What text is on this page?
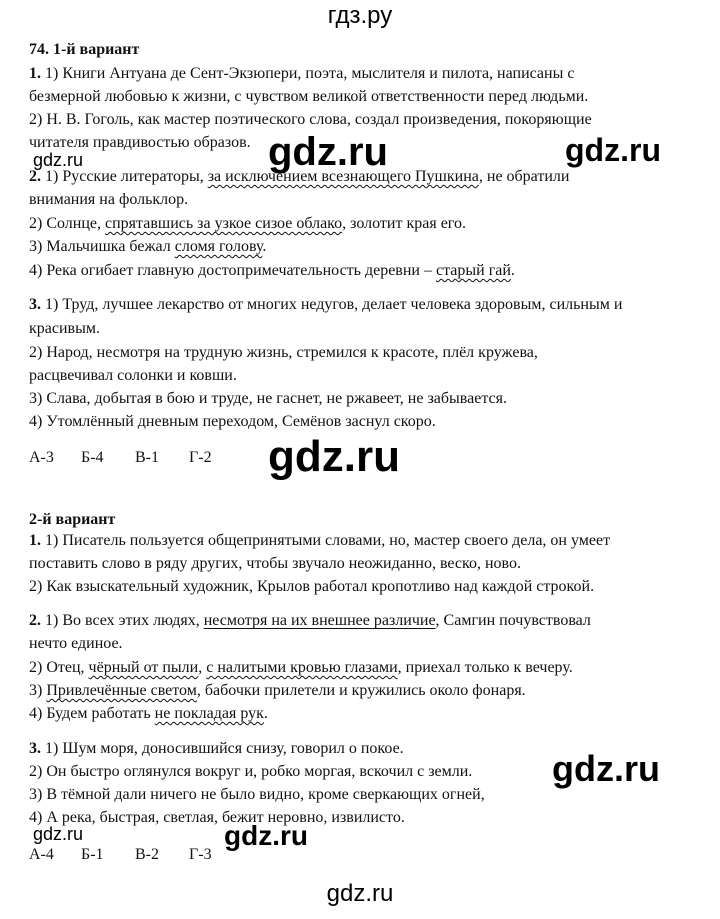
гдз.ру
gdz.ru
gdz.ru	gdz.ru
gdz.ru
gdz.ru
gdz.ru	gdz.ru
gdz.ru
74. 1-й вариант
1. 1) Книги Антуана де Сент-Экзюпери, поэта, мыслителя и пилота, написаны с
безмерной любовью к жизни, с чувством великой ответственности перед людьми.
2) Н. В. Гоголь, как мастер поэтического слова, создал произведения, покоряющие
читателя правдивостью образов.
2. 1) Русские литераторы, за исключением всезнающего Пушкина, не обратили
внимания на фольклор.
2) Солнце, спрятавшись за узкое сизое облако, золотит края его.
3) Мальчишка бежал сломя голову.
4) Река огибает главную достопримечательность деревни – старый гай.
3. 1) Труд, лучшее лекарство от многих недугов, делает человека здоровым, сильным и
красивым.
2) Народ, несмотря на трудную жизнь, стремился к красоте, плёл кружева,
расцвечивал солонки и ковши.
3) Слава, добытая в бою и труде, не гаснет, не ржавеет, не забывается.
4) Утомлённый дневным переходом, Семёнов заснул скоро.
А-3 Б-4 В-1 Г-2
2-й вариант
1. 1) Писатель пользуется общепринятыми словами, но, мастер своего дела, он умеет
поставить слово в ряду других, чтобы звучало неожиданно, веско, ново.
2) Как взыскательный художник, Крылов работал кропотливо над каждой строкой.
2. 1) Во всех этих людях, несмотря на их внешнее различие, Самгин почувствовал
нечто единое.
2) Отец, чёрный от пыли, с налитыми кровью глазами, приехал только к вечеру.
3) Привлечённые светом, бабочки прилетели и кружились около фонаря.
4) Будем работать не покладая рук.
3. 1) Шум моря, доносившийся снизу, говорил о покое.
2) Он быстро оглянулся вокруг и, робко моргая, вскочил с земли.
3) В тёмной дали ничего не было видно, кроме сверкающих огней,
4) А река, быстрая, светлая, бежит неровно, извилисто.
А-4 Б-1 В-2 Г-3
